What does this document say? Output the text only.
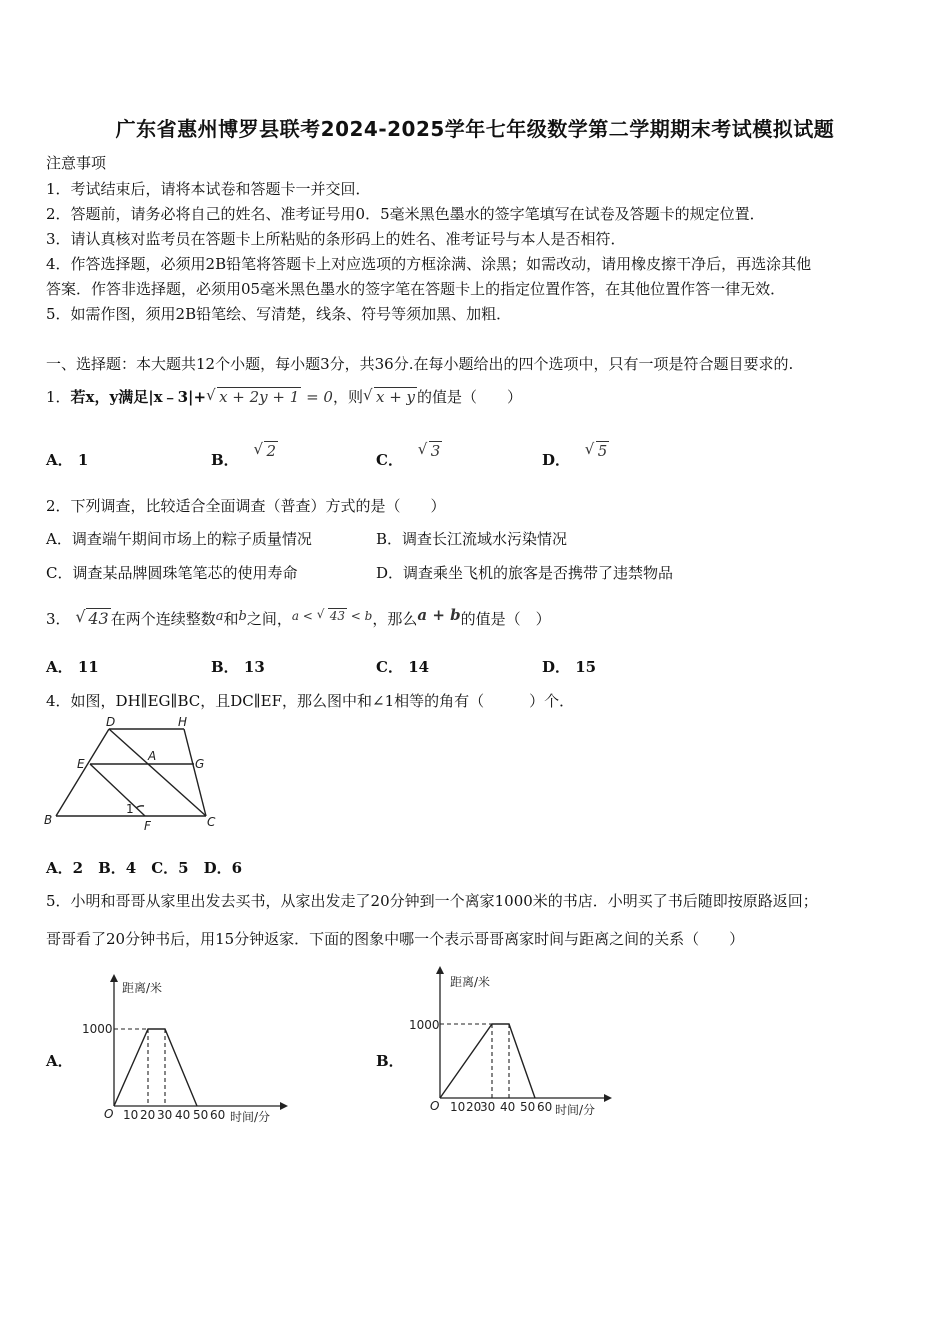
广东省惠州博罗县联考2024-2025学年七年级数学第二学期期末考试模拟试题
注意事项
1．考试结束后，请将本试卷和答题卡一并交回．
2．答题前，请务必将自己的姓名、准考证号用0．5毫米黑色墨水的签字笔填写在试卷及答题卡的规定位置．
3．请认真核对监考员在答题卡上所粘贴的条形码上的姓名、准考证号与本人是否相符．
4．作答选择题，必须用2B铅笔将答题卡上对应选项的方框涂满、涂黑；如需改动，请用橡皮擦干净后，再选涂其他
答案．作答非选择题，必须用05毫米黑色墨水的签字笔在答题卡上的指定位置作答，在其他位置作答一律无效．
5．如需作图，须用2B铅笔绘、写清楚，线条、符号等须加黑、加粗．
一、选择题：本大题共12个小题，每小题3分，共36分.在每小题给出的四个选项中，只有一项是符合题目要求的.
1．若x，y满足|x﹣3|+ √ x + 2y + 1 = 0，则 √ x + y 的值是（　　）
A． 1	B．
√ 2	C．
√ 3	D．
√ 5
2．下列调查，比较适合全面调查（普查）方式的是（　　）
A．调查端午期间市场上的粽子质量情况	B．调查长江流域水污染情况
C．调查某品牌圆珠笔笔芯的使用寿命	D．调查乘坐飞机的旅客是否携带了违禁物品
3． √ 43 在两个连续整数a和b之间，$^{a < √ 43 < b}$，那么a + b的值是（　）
A． 11	B． 13	C． 14	D． 15
4．如图，DH∥EG∥BC，且DC∥EF，那么图中和∠1相等的角有（　　　）个．
D	H
E
A
G
B	F	C
1
A．2　B．4　C．5　D．6
5．小明和哥哥从家里出发去买书，从家出发走了20分钟到一个离家1000米的书店．小明买了书后随即按原路返回；
哥哥看了20分钟书后，用15分钟返家．下面的图象中哪一个表示哥哥离家时间与距离之间的关系（　　）
A．
距离/米
1000
O 10 20 30 40 50 60 时间/分
B．
距离/米
1000
O 10 20
30 40 50 60 时间/分
